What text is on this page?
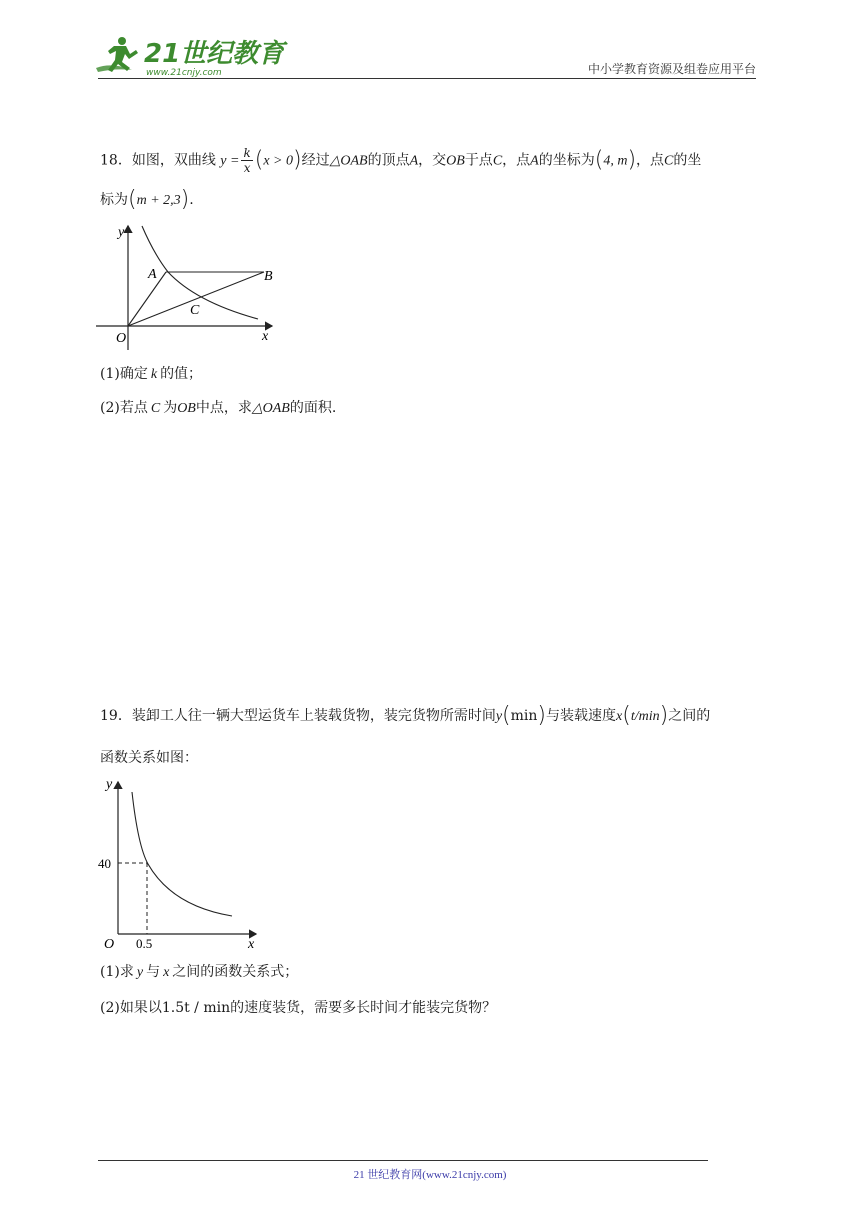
21世纪教育
www.21cnjy.com	中小学教育资源及组卷应用平台
18．如图，双曲线 $y = \frac{k}{x} (x > 0)$经过△OAB的顶点A，交OB于点C，点A的坐标为(4, m)，点C的坐
标为(m + 2,3).
y
x
O
A	B
C
(1)确定 k 的值；
(2)若点 C 为OB中点，求△OAB的面积.
19．装卸工人往一辆大型运货车上装载货物，装完货物所需时间y(min)与装载速度x(t/min)之间的
函数关系如图：
y
x
O
40
0.5
(1)求 y 与 x 之间的函数关系式；
(2)如果以1.5t / min的速度装货，需要多长时间才能装完货物？
21 世纪教育网(www.21cnjy.com)
